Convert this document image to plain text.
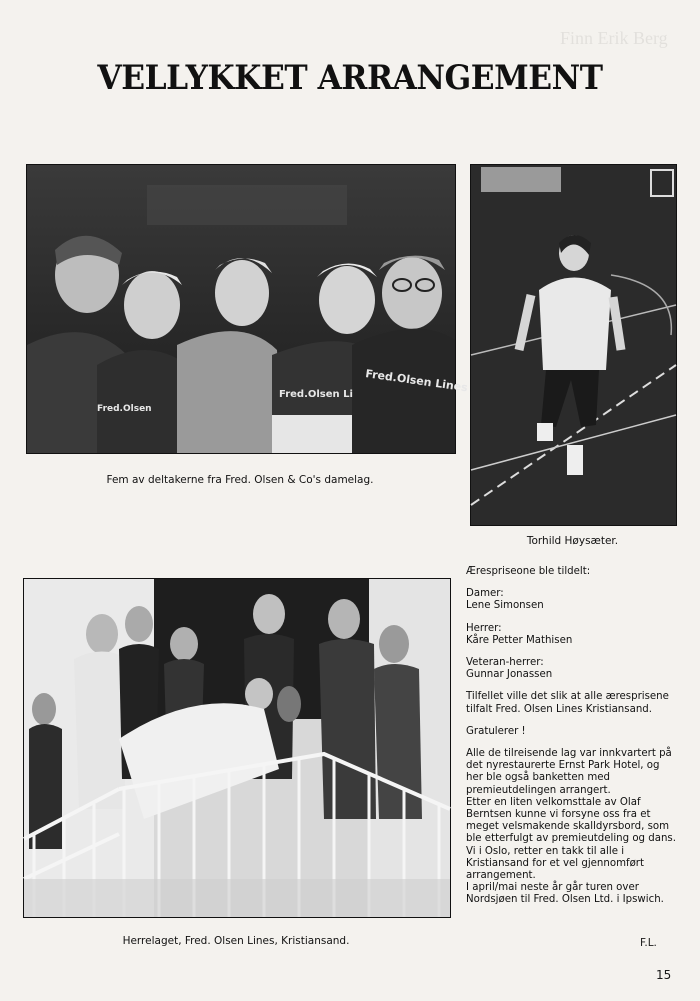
Finn Erik Berg
VELLYKKET ARRANGEMENT
Fred.Olsen Lines
Fred.Olsen Li
Fred.Olsen
Fem av deltakerne fra Fred. Olsen & Co's damelag.
Torhild Høysæter.
Herrelaget, Fred. Olsen Lines, Kristiansand.

Ærespriseone ble tildelt:

Damer:

Lene Simonsen

Herrer:

Kåre Petter Mathisen

Veteran-herrer:

Gunnar Jonassen

Tilfellet ville det slik at alle æresprisene tilfalt Fred. Olsen Lines Kristiansand.

Gratulerer !

Alle de tilreisende lag var innkvartert på det nyrestaurerte Ernst Park Hotel, og her ble også banketten med premieutdelingen arrangert.

Etter en liten velkomsttale av Olaf Berntsen kunne vi forsyne oss fra et meget velsmakende skalldyrsbord, som ble etterfulgt av premieutdeling og dans.

Vi i Oslo, retter en takk til alle i Kristiansand for et vel gjennomført arrangement.

I april/mai neste år går turen over Nordsjøen til Fred. Olsen Ltd. i Ipswich.

F.L.
15
